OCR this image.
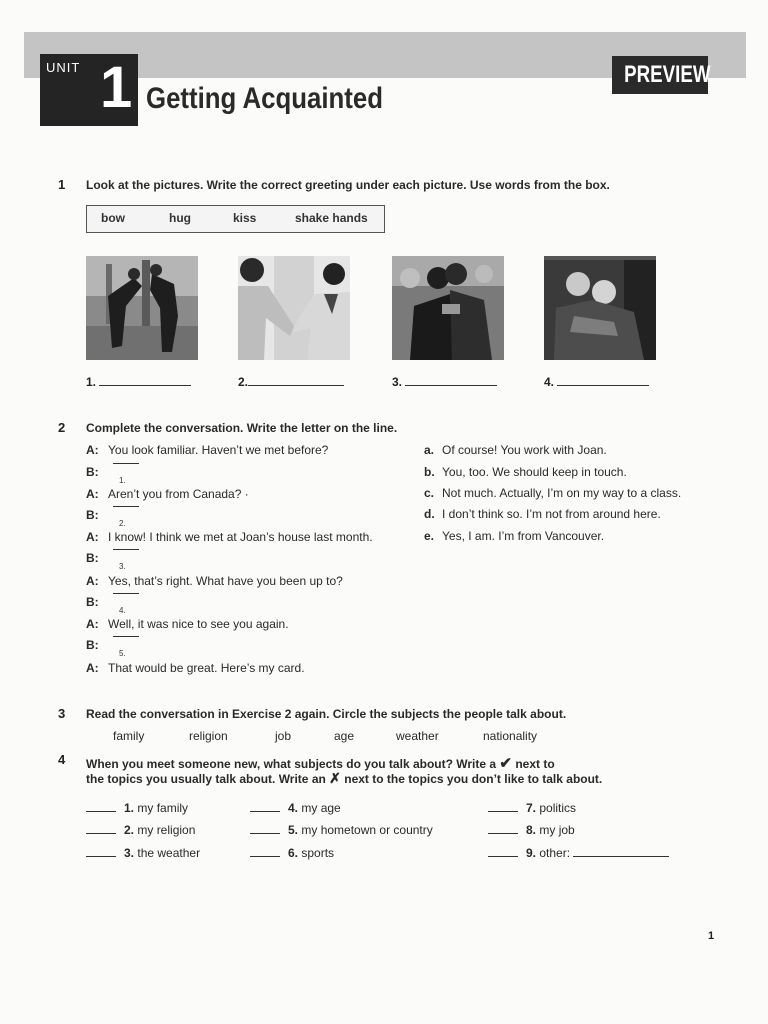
UNIT 1 Getting Acquainted
PREVIEW
1 Look at the pictures. Write the correct greeting under each picture. Use words from the box.
bow	hug	kiss	shake hands
1.	2.	3.	4.
2 Complete the conversation. Write the letter on the line.
A: You look familiar. Haven’t we met before?
B:
1.
A: Aren’t you from Canada? ·
B:
2.
A: I know! I think we met at Joan’s house last month.
B:
3.
A: Yes, that’s right. What have you been up to?
B:
4.
A: Well, it was nice to see you again.
B:
5.
A: That would be great. Here’s my card.
a. Of course! You work with Joan.
b. You, too. We should keep in touch.
c. Not much. Actually, I’m on my way to a class.
d. I don’t think so. I’m not from around here.
e. Yes, I am. I’m from Vancouver.
3 Read the conversation in Exercise 2 again. Circle the subjects the people talk about.
family	religion	job	age	weather	nationality
4 When you meet someone new, what subjects do you talk about? Write a ✔ next to
the topics you usually talk about. Write an ✗ next to the topics you don’t like to talk about.
1. my family
2. my religion
3. the weather
4. my age
5. my hometown or country
6. sports
7. politics
8. my job
9. other:
1
